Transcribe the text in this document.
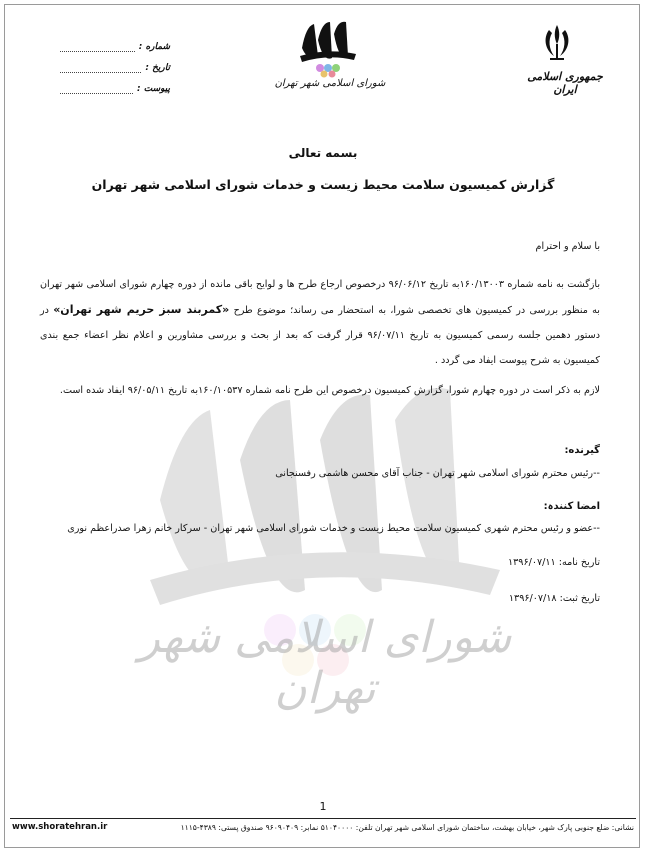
شورای اسلامی شهر تهران
جمهوری اسلامی ایران
شورای اسلامی شهر تهران
شماره :
تاریخ :
پیوست :
بسمه تعالی
گزارش کمیسیون سلامت محیط زیست و خدمات شورای اسلامی شهر تهران
با سلام و احترام
بازگشت به نامه شماره ۱۶۰/۱۳۰۰۳به تاریخ ۹۶/۰۶/۱۲ درخصوص ارجاع طرح ها و لوایح باقی مانده از دوره چهارم شورای اسلامی شهر تهران به منظور بررسی در کمیسیون های تخصصی شورا، به استحضار می رساند؛ موضوع طرح «کمربند سبز حریم شهر تهران» در دستور دهمین جلسه رسمی کمیسیون به تاریخ ۹۶/۰۷/۱۱ قرار گرفت که بعد از بحث و بررسی مشاورین و اعلام نظر اعضاء جمع بندی کمیسیون به شرح پیوست ایفاد می گردد .
لازم به ذکر است در دوره چهارم شورا، گزارش کمیسیون درخصوص این طرح نامه شماره ۱۶۰/۱۰۵۳۷به تاریخ ۹۶/۰۵/۱۱ ایفاد شده است.
گیرنده:
--رئیس محترم شورای اسلامی شهر تهران - جناب آقای محسن هاشمی رفسنجانی
امضا کنندہ:
--عضو و رئیس محترم شهری کمیسیون سلامت محیط زیست و خدمات شورای اسلامی شهر تهران - سرکار خانم زهرا صدراعظم نوری
تاریخ نامه: ۱۳۹۶/۰۷/۱۱
تاریخ ثبت: ۱۳۹۶/۰۷/۱۸
1
www.shoratehran.ir	نشانی: ضلع جنوبی پارک شهر، خیابان بهشت، ساختمان شورای اسلامی شهر تهران تلفن: ۵۱۰۴۰۰۰۰ نمابر: ۹۶۰۹۰۴۰۹ صندوق پستی: ۴۳۸۹-۱۱۱۵
